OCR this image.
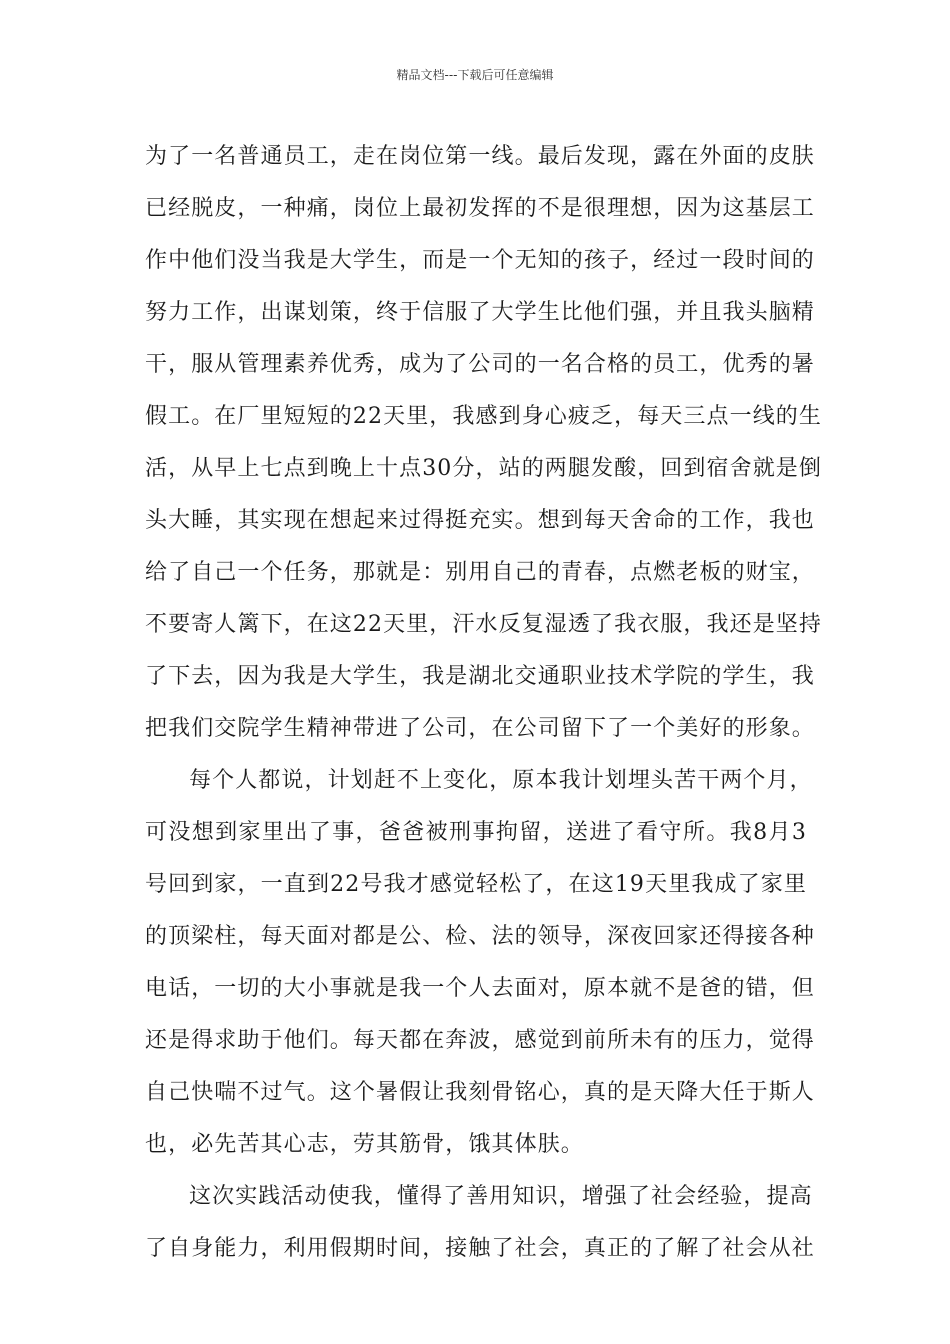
精品文档---下载后可任意编辑
为了一名普通员工，走在岗位第一线。最后发现，露在外面的皮肤
已经脱皮，一种痛，岗位上最初发挥的不是很理想，因为这基层工
作中他们没当我是大学生，而是一个无知的孩子，经过一段时间的
努力工作，出谋划策，终于信服了大学生比他们强，并且我头脑精
干，服从管理素养优秀，成为了公司的一名合格的员工，优秀的暑
假工。在厂里短短的22天里，我感到身心疲乏，每天三点一线的生
活，从早上七点到晚上十点30分，站的两腿发酸，回到宿舍就是倒
头大睡，其实现在想起来过得挺充实。想到每天舍命的工作，我也
给了自己一个任务，那就是：别用自己的青春，点燃老板的财宝，
不要寄人篱下，在这22天里，汗水反复湿透了我衣服，我还是坚持
了下去，因为我是大学生，我是湖北交通职业技术学院的学生，我
把我们交院学生精神带进了公司，在公司留下了一个美好的形象。
每个人都说，计划赶不上变化，原本我计划埋头苦干两个月，
可没想到家里出了事，爸爸被刑事拘留，送进了看守所。我8月3
号回到家，一直到22号我才感觉轻松了，在这19天里我成了家里
的顶梁柱，每天面对都是公、检、法的领导，深夜回家还得接各种
电话，一切的大小事就是我一个人去面对，原本就不是爸的错，但
还是得求助于他们。每天都在奔波，感觉到前所未有的压力，觉得
自己快喘不过气。这个暑假让我刻骨铭心，真的是天降大任于斯人
也，必先苦其心志，劳其筋骨，饿其体肤。
这次实践活动使我，懂得了善用知识，增强了社会经验，提高
了自身能力，利用假期时间，接触了社会，真正的了解了社会从社
